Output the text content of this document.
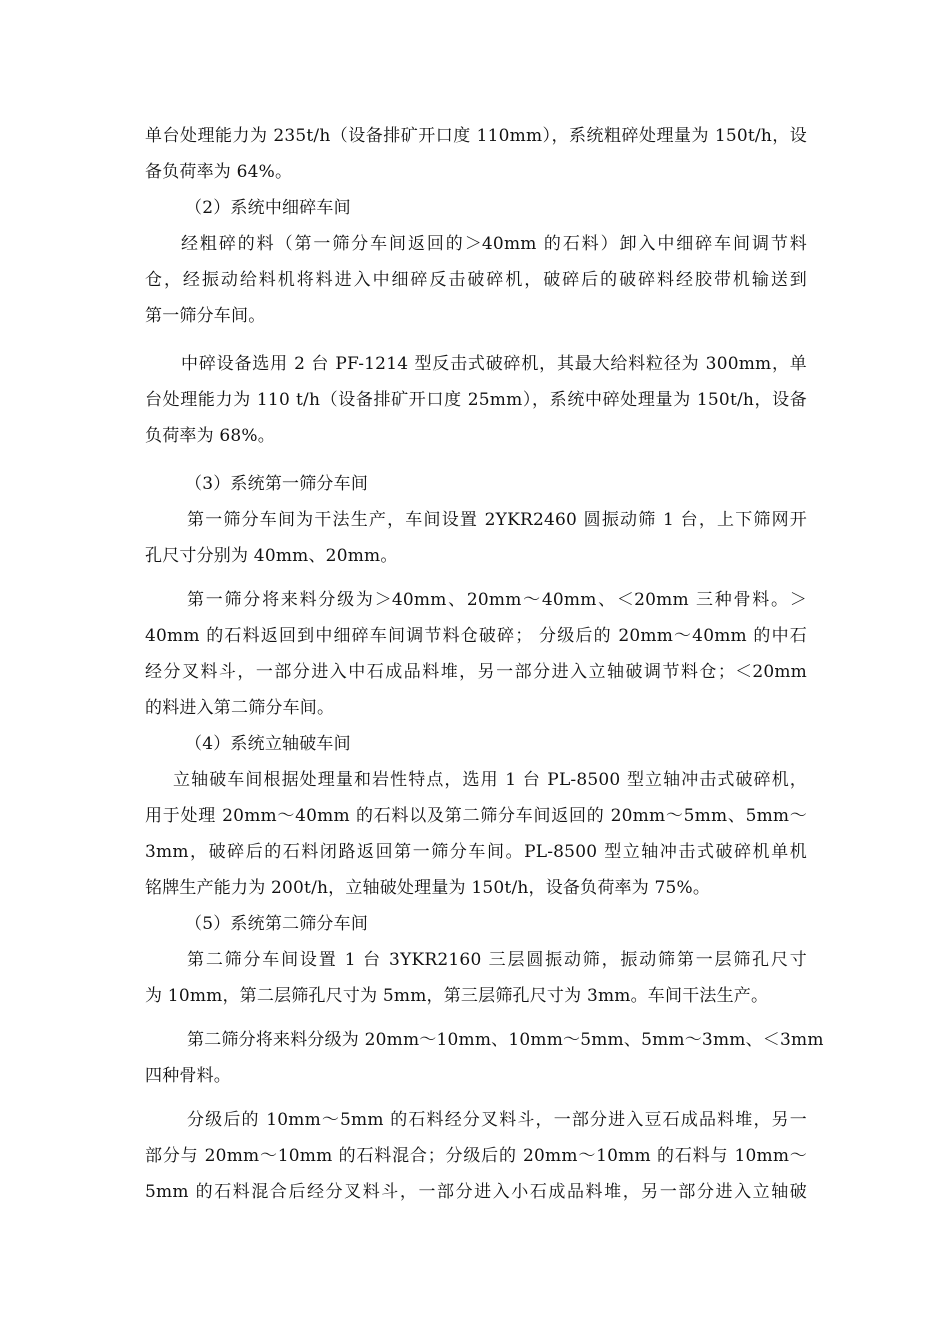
单台处理能力为 235t/h（设备排矿开口度 110mm），系统粗碎处理量为 150t/h，设
备负荷率为 64%。
（2）系统中细碎车间
经粗碎的料（第一筛分车间返回的＞40mm 的石料）卸入中细碎车间调节料
仓，经振动给料机将料进入中细碎反击破碎机，破碎后的破碎料经胶带机输送到
第一筛分车间。
中碎设备选用 2 台 PF-1214 型反击式破碎机，其最大给料粒径为 300mm，单
台处理能力为 110 t/h（设备排矿开口度 25mm），系统中碎处理量为 150t/h，设备
负荷率为 68%。
（3）系统第一筛分车间
第一筛分车间为干法生产，车间设置 2YKR2460 圆振动筛 1 台，上下筛网开
孔尺寸分别为 40mm、20mm。
第一筛分将来料分级为＞40mm、20mm～40mm、＜20mm 三种骨料。＞
40mm 的石料返回到中细碎车间调节料仓破碎； 分级后的 20mm～40mm 的中石
经分叉料斗，一部分进入中石成品料堆，另一部分进入立轴破调节料仓；＜20mm
的料进入第二筛分车间。
（4）系统立轴破车间
立轴破车间根据处理量和岩性特点，选用 1 台 PL-8500 型立轴冲击式破碎机，
用于处理 20mm～40mm 的石料以及第二筛分车间返回的 20mm～5mm、5mm～
3mm，破碎后的石料闭路返回第一筛分车间。PL-8500 型立轴冲击式破碎机单机
铭牌生产能力为 200t/h，立轴破处理量为 150t/h，设备负荷率为 75%。
（5）系统第二筛分车间
第二筛分车间设置 1 台 3YKR2160 三层圆振动筛，振动筛第一层筛孔尺寸
为 10mm，第二层筛孔尺寸为 5mm，第三层筛孔尺寸为 3mm。车间干法生产。
第二筛分将来料分级为 20mm～10mm、10mm～5mm、5mm～3mm、＜3mm
四种骨料。
分级后的 10mm～5mm 的石料经分叉料斗，一部分进入豆石成品料堆，另一
部分与 20mm～10mm 的石料混合；分级后的 20mm～10mm 的石料与 10mm～
5mm 的石料混合后经分叉料斗，一部分进入小石成品料堆，另一部分进入立轴破
